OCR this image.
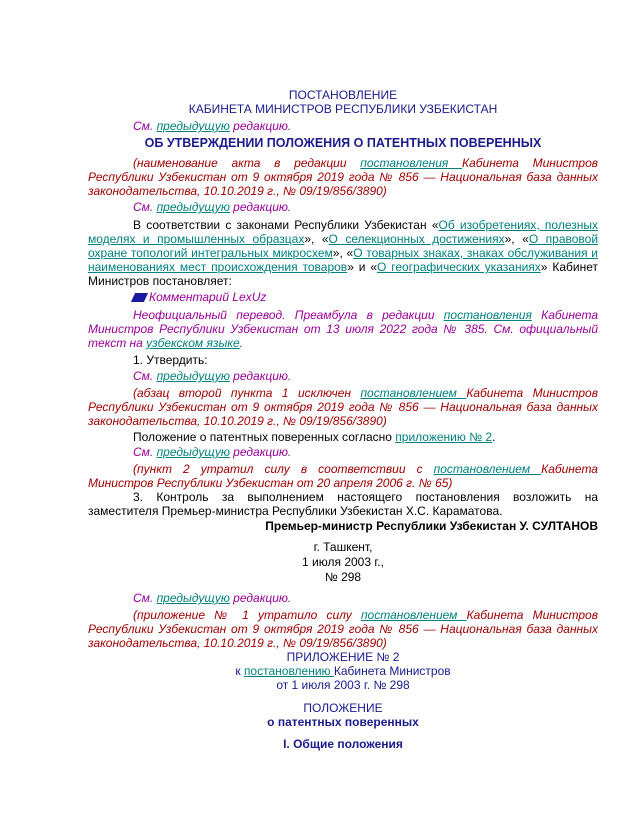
ПОСТАНОВЛЕНИЕ
КАБИНЕТА МИНИСТРОВ РЕСПУБЛИКИ УЗБЕКИСТАН
См. предыдущую редакцию.
ОБ УТВЕРЖДЕНИИ ПОЛОЖЕНИЯ О ПАТЕНТНЫХ ПОВЕРЕННЫХ
(наименование акта в редакции постановления Кабинета Министров Республики Узбекистан от 9 октября 2019 года № 856 — Национальная база данных законодательства, 10.10.2019 г., № 09/19/856/3890)
См. предыдущую редакцию.
В соответствии с законами Республики Узбекистан «Об изобретениях, полезных моделях и промышленных образцах», «О селекционных достижениях», «О правовой охране топологий интегральных микросхем», «О товарных знаках, знаках обслуживания и наименованиях мест происхождения товаров» и «О географических указаниях» Кабинет Министров постановляет:
Комментарий LexUz
Неофициальный перевод. Преамбула в редакции постановления Кабинета Министров Республики Узбекистан от 13 июля 2022 года № 385. См. официальный текст на узбекском языке.
1. Утвердить:
См. предыдущую редакцию.
(абзац второй пункта 1 исключен постановлением Кабинета Министров Республики Узбекистан от 9 октября 2019 года № 856 — Национальная база данных законодательства, 10.10.2019 г., № 09/19/856/3890)
Положение о патентных поверенных согласно приложению № 2.
См. предыдущую редакцию.
(пункт 2 утратил силу в соответствии с постановлением Кабинета Министров Республики Узбекистан от 20 апреля 2006 г. № 65)
3. Контроль за выполнением настоящего постановления возложить на заместителя Премьер-министра Республики Узбекистан Х.С. Караматова.
Премьер-министр Республики Узбекистан У. СУЛТАНОВ
г. Ташкент,
1 июля 2003 г.,
№ 298
См. предыдущую редакцию.
(приложение № 1 утратило силу постановлением Кабинета Министров Республики Узбекистан от 9 октября 2019 года № 856 — Национальная база данных законодательства, 10.10.2019 г., № 09/19/856/3890)
ПРИЛОЖЕНИЕ № 2
к постановлению Кабинета Министров
от 1 июля 2003 г. № 298
ПОЛОЖЕНИЕ
о патентных поверенных
I. Общие положения
